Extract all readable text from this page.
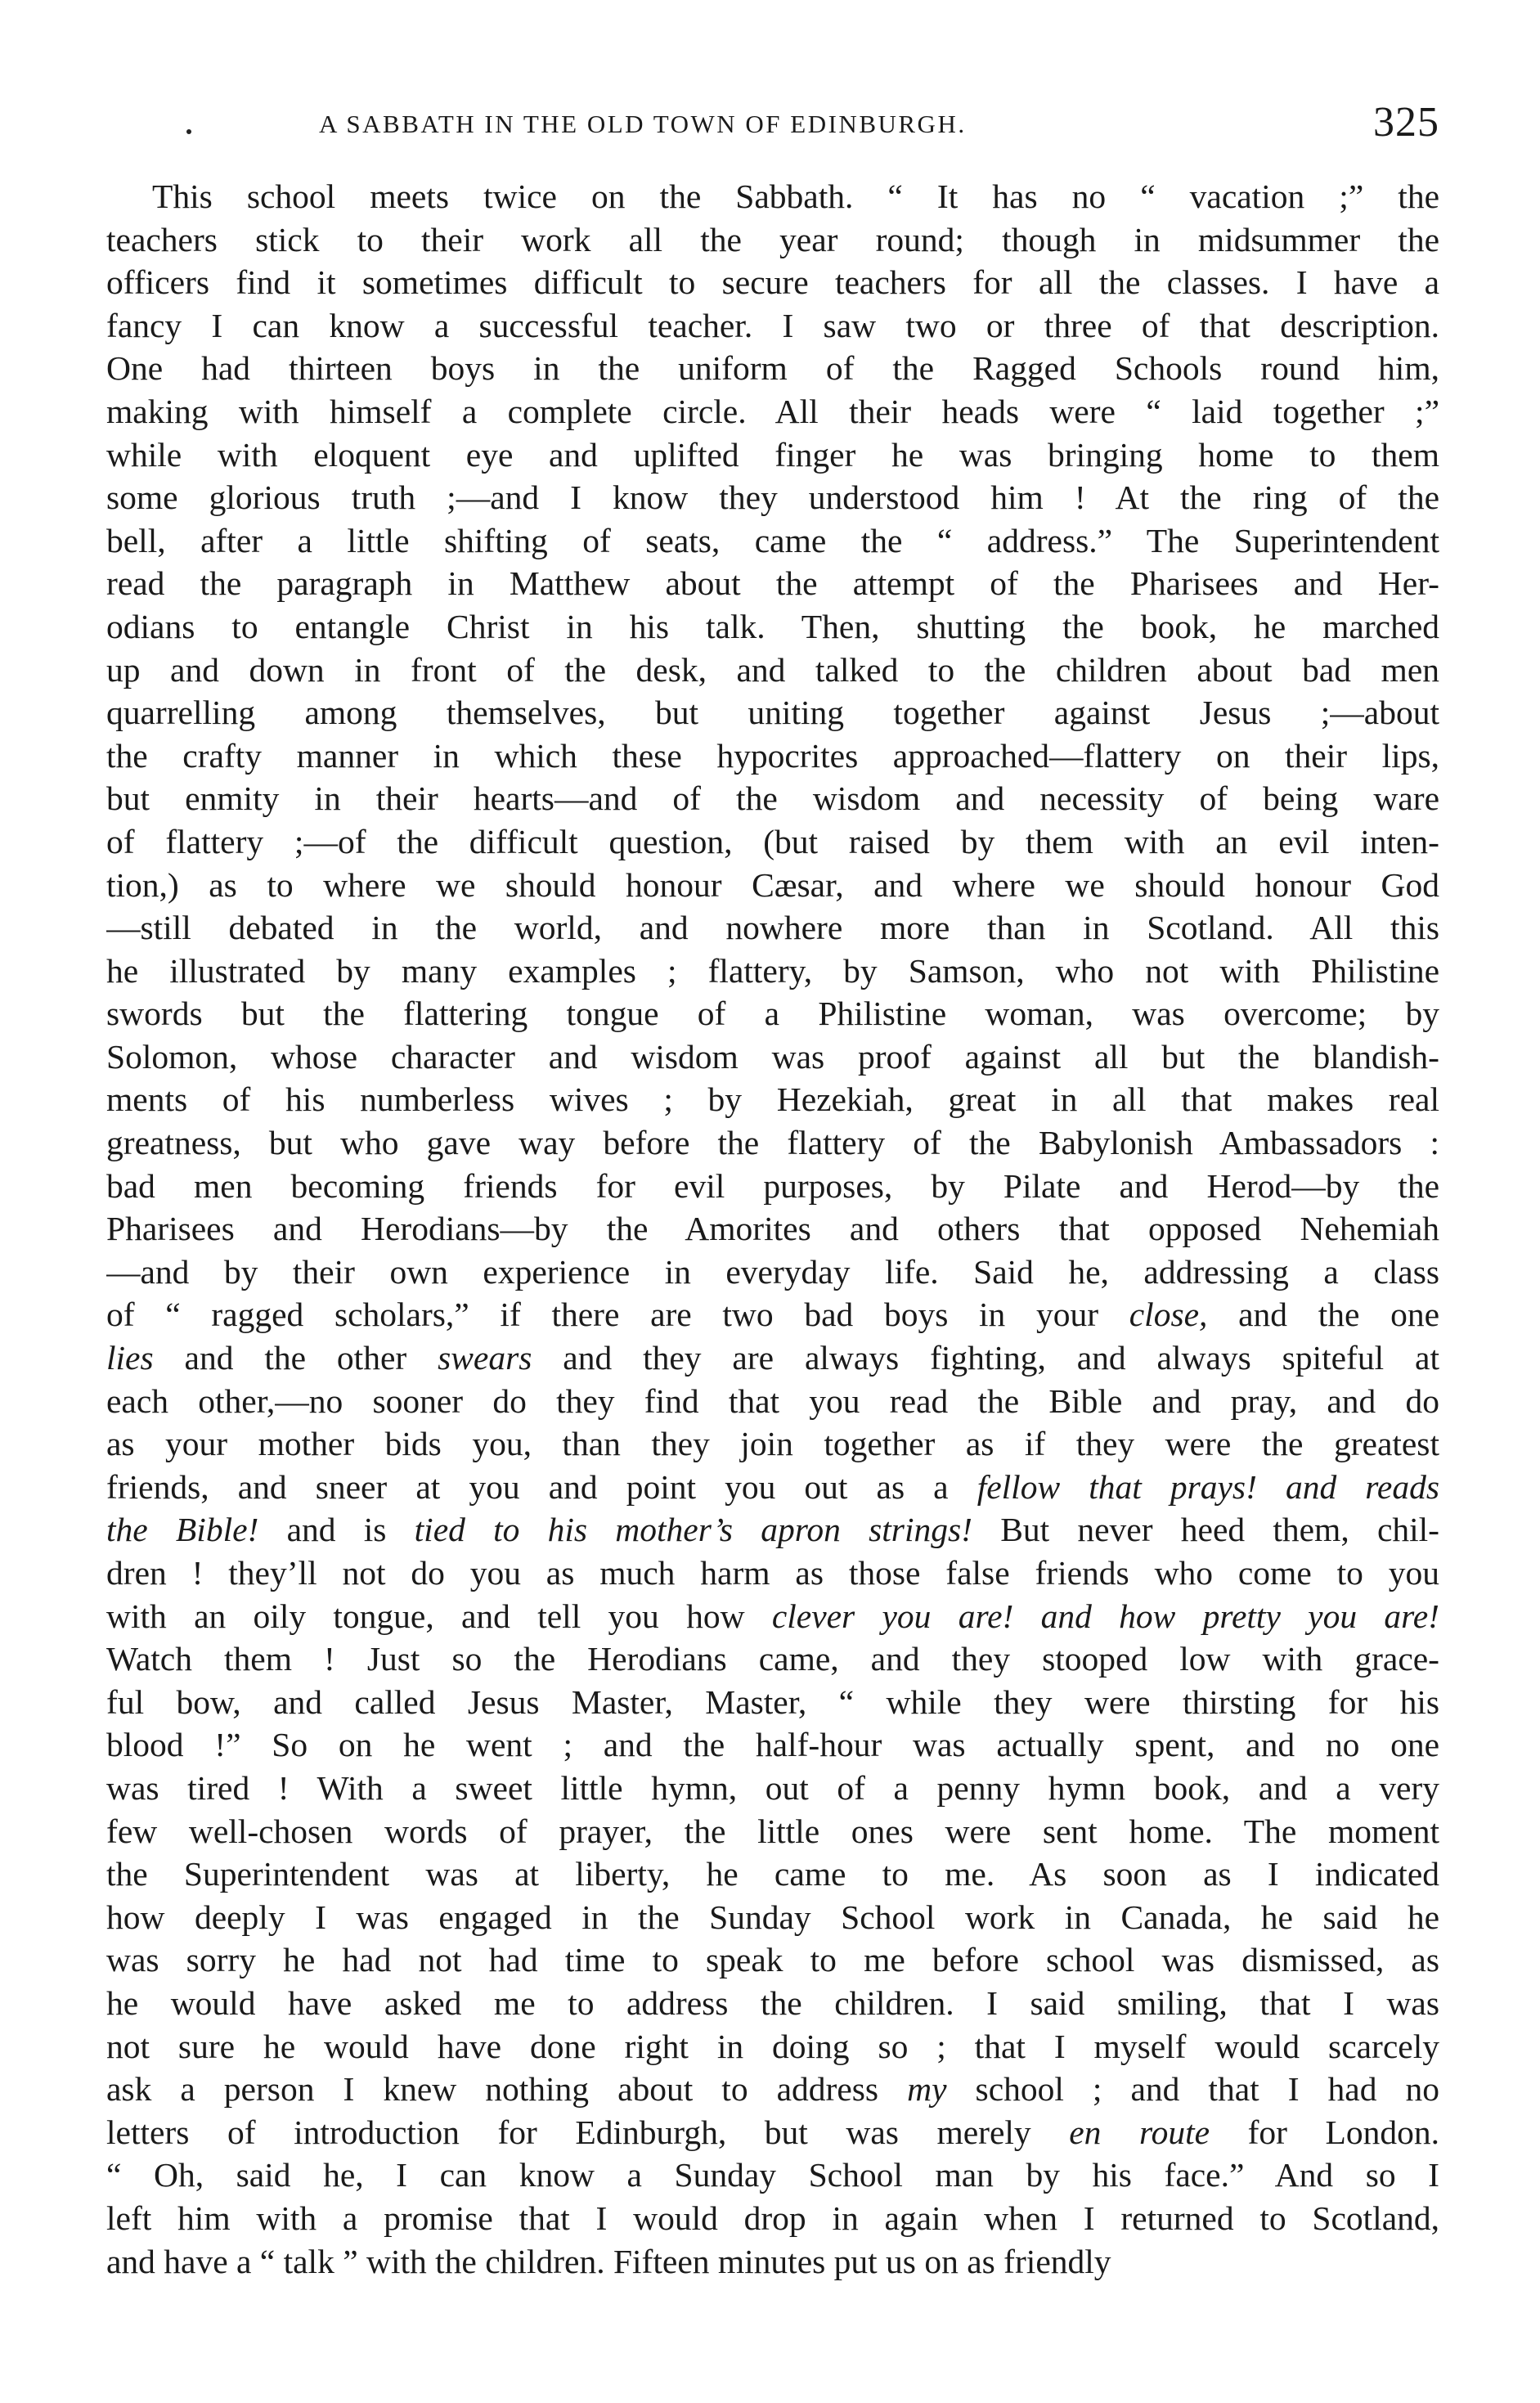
A SABBATH IN THE OLD TOWN OF EDINBURGH.	325
This school meets twice on the Sabbath. “ It has no “ vacation ;” the
teachers stick to their work all the year round; though in midsummer the
officers find it sometimes difficult to secure teachers for all the classes. I have a
fancy I can know a successful teacher. I saw two or three of that description.
One had thirteen boys in the uniform of the Ragged Schools round him,
making with himself a complete circle. All their heads were “ laid together ;”
while with eloquent eye and uplifted finger he was bringing home to them
some glorious truth ;—and I know they understood him ! At the ring of the
bell, after a little shifting of seats, came the “ address.” The Superintendent
read the paragraph in Matthew about the attempt of the Pharisees and Her-
odians to entangle Christ in his talk. Then, shutting the book, he marched
up and down in front of the desk, and talked to the children about bad men
quarrelling among themselves, but uniting together against Jesus ;—about
the crafty manner in which these hypocrites approached—flattery on their lips,
but enmity in their hearts—and of the wisdom and necessity of being ware
of flattery ;—of the difficult question, (but raised by them with an evil inten-
tion,) as to where we should honour Cæsar, and where we should honour God
—still debated in the world, and nowhere more than in Scotland. All this
he illustrated by many examples ; flattery, by Samson, who not with Philistine
swords but the flattering tongue of a Philistine woman, was overcome; by
Solomon, whose character and wisdom was proof against all but the blandish-
ments of his numberless wives ; by Hezekiah, great in all that makes real
greatness, but who gave way before the flattery of the Babylonish Ambassadors :
bad men becoming friends for evil purposes, by Pilate and Herod—by the
Pharisees and Herodians—by the Amorites and others that opposed Nehemiah
—and by their own experience in everyday life. Said he, addressing a class
of “ ragged scholars,” if there are two bad boys in your close, and the one
lies and the other swears and they are always fighting, and always spiteful at
each other,—no sooner do they find that you read the Bible and pray, and do
as your mother bids you, than they join together as if they were the greatest
friends, and sneer at you and point you out as a fellow that prays! and reads
the Bible! and is tied to his mother’s apron strings! But never heed them, chil-
dren ! they’ll not do you as much harm as those false friends who come to you
with an oily tongue, and tell you how clever you are! and how pretty you are!
Watch them ! Just so the Herodians came, and they stooped low with grace-
ful bow, and called Jesus Master, Master, “ while they were thirsting for his
blood !” So on he went ; and the half-hour was actually spent, and no one
was tired ! With a sweet little hymn, out of a penny hymn book, and a very
few well-chosen words of prayer, the little ones were sent home. The moment
the Superintendent was at liberty, he came to me. As soon as I indicated
how deeply I was engaged in the Sunday School work in Canada, he said he
was sorry he had not had time to speak to me before school was dismissed, as
he would have asked me to address the children. I said smiling, that I was
not sure he would have done right in doing so ; that I myself would scarcely
ask a person I knew nothing about to address my school ; and that I had no
letters of introduction for Edinburgh, but was merely en route for London.
“ Oh, said he, I can know a Sunday School man by his face.” And so I
left him with a promise that I would drop in again when I returned to Scotland,
and have a “ talk ” with the children. Fifteen minutes put us on as friendly
